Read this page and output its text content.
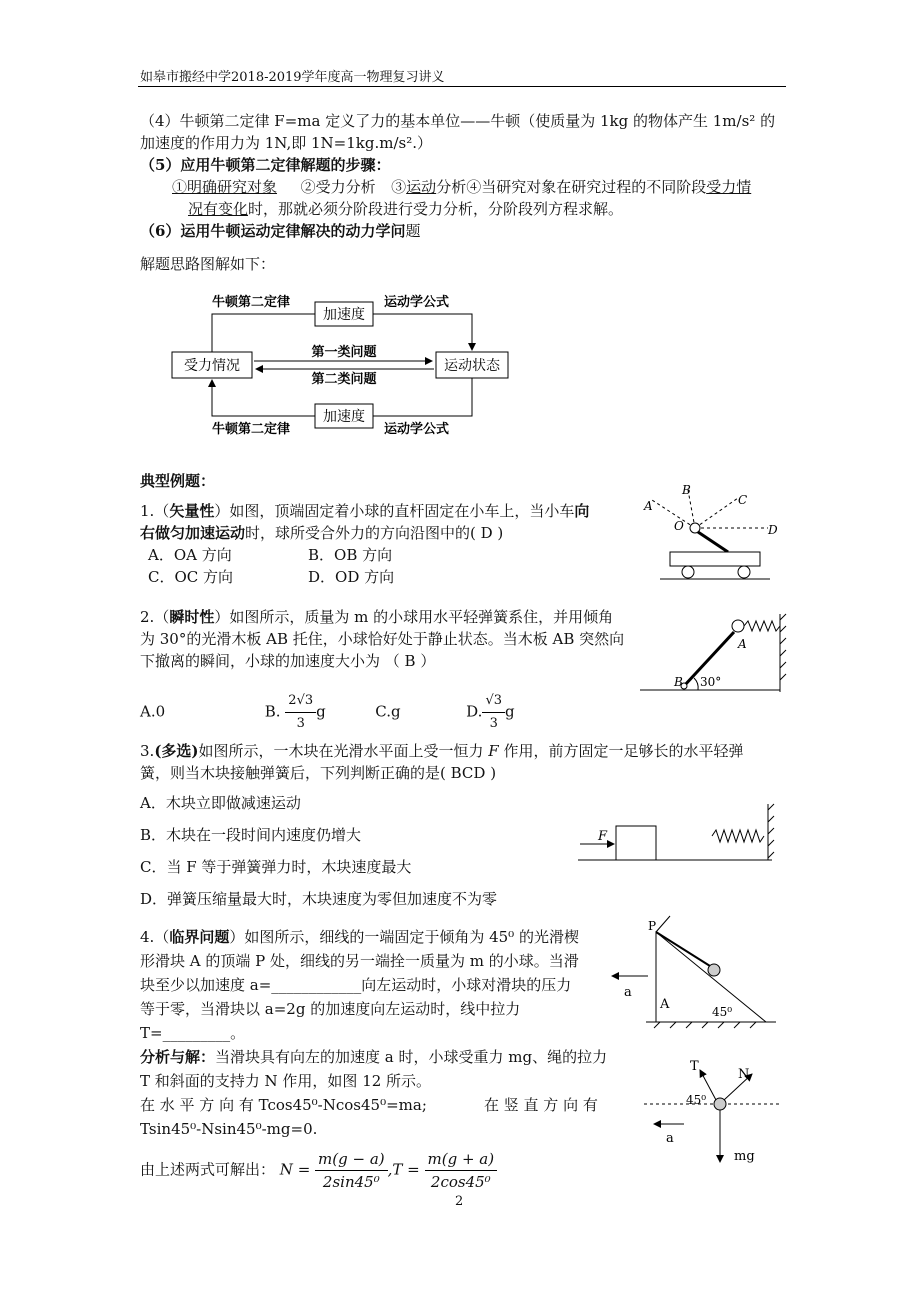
如皋市搬经中学2018-2019学年度高一物理复习讲义
（4）牛顿第二定律 F=ma 定义了力的基本单位——牛顿（使质量为 1kg 的物体产生 1m/s² 的
加速度的作用力为 1N,即 1N=1kg.m/s².）
（5）应用牛顿第二定律解题的步骤：
①明确研究对象 ②受力分析 ③运动分析④当研究对象在研究过程的不同阶段受力情
况有变化时，那就必须分阶段进行受力分析，分阶段列方程求解。
（6）运用牛顿运动定律解决的动力学问题
解题思路图解如下：
加速度
受力情况	运动状态
加速度
牛顿第二定律	运动学公式
第一类问题
第二类问题
牛顿第二定律	运动学公式
典型例题：
1.（矢量性）如图，顶端固定着小球的直杆固定在小车上，当小车向
右做匀加速运动时，球所受合外力的方向沿图中的( D )
A．OA 方向	B．OB 方向
C．OC 方向	D．OD 方向
A
B
C
D
O
2.（瞬时性）如图所示，质量为 m 的小球用水平轻弹簧系住，并用倾角
为 30°的光滑木板 AB 托住，小球恰好处于静止状态。当木板 AB 突然向
下撤离的瞬间，小球的加速度大小为 （ B ）
A.0	B. $\frac{2√3}{3}$ g	C.g	D. $\frac{√3}{3}$ g
A
B 30°
3.(多选)如图所示，一木块在光滑水平面上受一恒力 F 作用，前方固定一足够长的水平轻弹
簧，则当木块接触弹簧后，下列判断正确的是( BCD )
A．木块立即做减速运动
B．木块在一段时间内速度仍增大
C．当 F 等于弹簧弹力时，木块速度最大
D．弹簧压缩量最大时，木块速度为零但加速度不为零
F
4.（临界问题）如图所示，细线的一端固定于倾角为 45⁰ 的光滑楔
形滑块 A 的顶端 P 处，细线的另一端拴一质量为 m 的小球。当滑
块至少以加速度 a=____________向左运动时，小球对滑块的压力
等于零，当滑块以 a=2g 的加速度向左运动时，线中拉力
T=_________。
P
A
a
45⁰
分析与解：当滑块具有向左的加速度 a 时，小球受重力 mg、绳的拉力
T 和斜面的支持力 N 作用，如图 12 所示。
在 水 平 方 向 有 Tcos45⁰-Ncos45⁰=ma;	在 竖 直 方 向 有
Tsin45⁰-Nsin45⁰-mg=0.
由上述两式可解出： $N = \frac{m(g - a)}{\text{2sin45⁰}} ,T = \frac{m(g + a)}{\text{2cos45⁰}}$
T
N
45⁰
a
mg
2
